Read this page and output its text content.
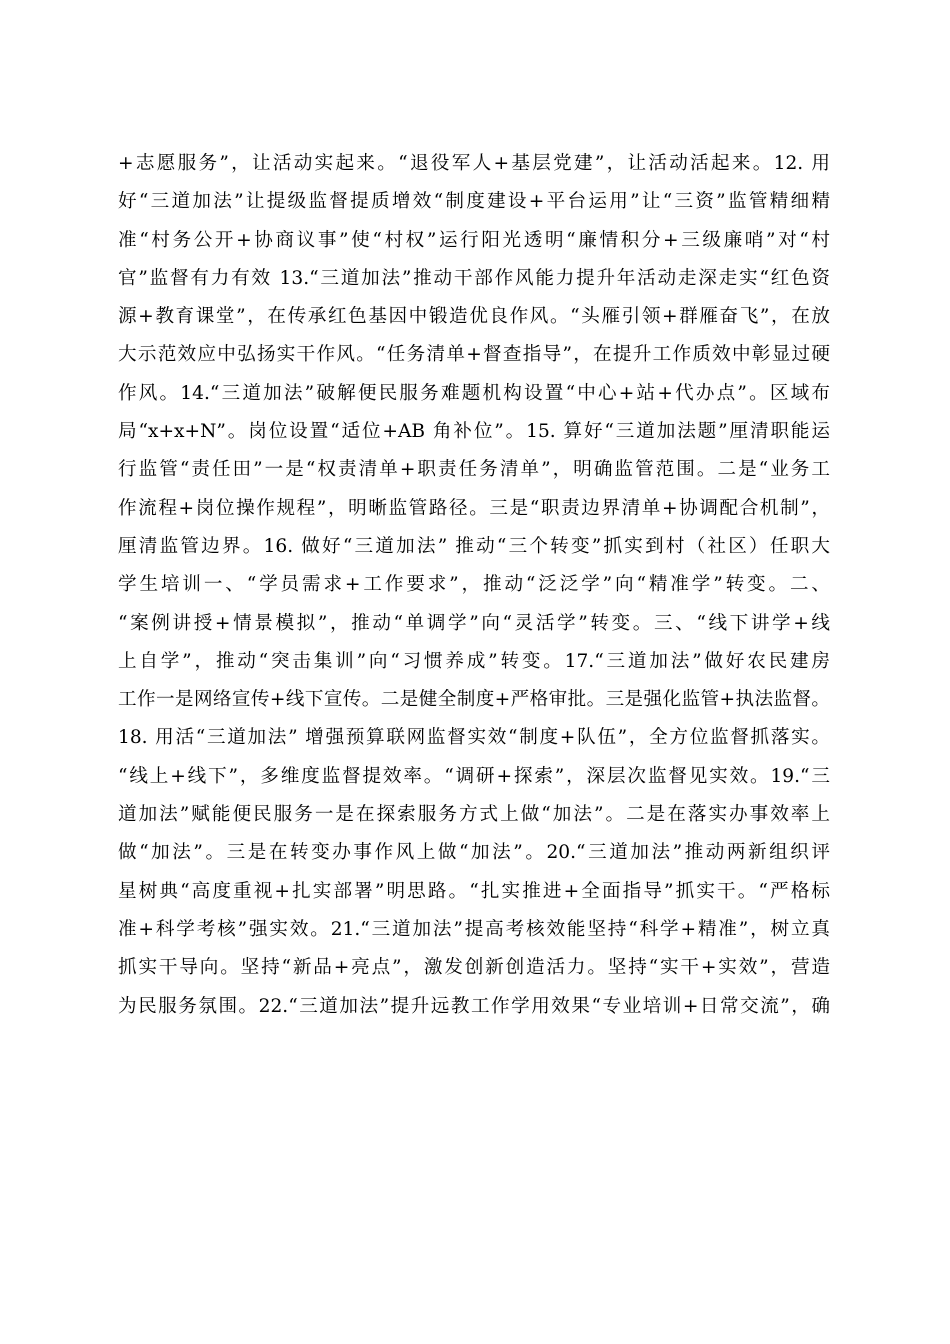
+志愿服务”，让活动实起来。“退役军人+基层党建”，让活动活起来。12. 用
好“三道加法”让提级监督提质增效“制度建设+平台运用”让“三资”监管精细精
准“村务公开+协商议事”使“村权”运行阳光透明“廉情积分+三级廉哨”对“村
官”监督有力有效 13.“三道加法”推动干部作风能力提升年活动走深走实“红色资
源+教育课堂”，在传承红色基因中锻造优良作风。“头雁引领+群雁奋飞”，在放
大示范效应中弘扬实干作风。“任务清单+督查指导”，在提升工作质效中彰显过硬
作风。14.“三道加法”破解便民服务难题机构设置“中心+站+代办点”。区域布
局“x+x+N”。岗位设置“适位+AB 角补位”。15. 算好“三道加法题”厘清职能运
行监管“责任田”一是“权责清单+职责任务清单”，明确监管范围。二是“业务工
作流程+岗位操作规程”，明晰监管路径。三是“职责边界清单+协调配合机制”，
厘清监管边界。16. 做好“三道加法” 推动“三个转变”抓实到村（社区）任职大
学生培训一、“学员需求+工作要求”，推动“泛泛学”向“精准学”转变。二、
“案例讲授+情景模拟”，推动“单调学”向“灵活学”转变。三、“线下讲学+线
上自学”，推动“突击集训”向“习惯养成”转变。17.“三道加法”做好农民建房
工作一是网络宣传+线下宣传。二是健全制度+严格审批。三是强化监管+执法监督。
18. 用活“三道加法” 增强预算联网监督实效“制度+队伍”，全方位监督抓落实。
“线上+线下”，多维度监督提效率。“调研+探索”，深层次监督见实效。19.“三
道加法”赋能便民服务一是在探索服务方式上做“加法”。二是在落实办事效率上
做“加法”。三是在转变办事作风上做“加法”。20.“三道加法”推动两新组织评
星树典“高度重视+扎实部署”明思路。“扎实推进+全面指导”抓实干。“严格标
准+科学考核”强实效。21.“三道加法”提高考核效能坚持“科学+精准”，树立真
抓实干导向。坚持“新品+亮点”，激发创新创造活力。坚持“实干+实效”，营造
为民服务氛围。22.“三道加法”提升远教工作学用效果“专业培训+日常交流”，确
